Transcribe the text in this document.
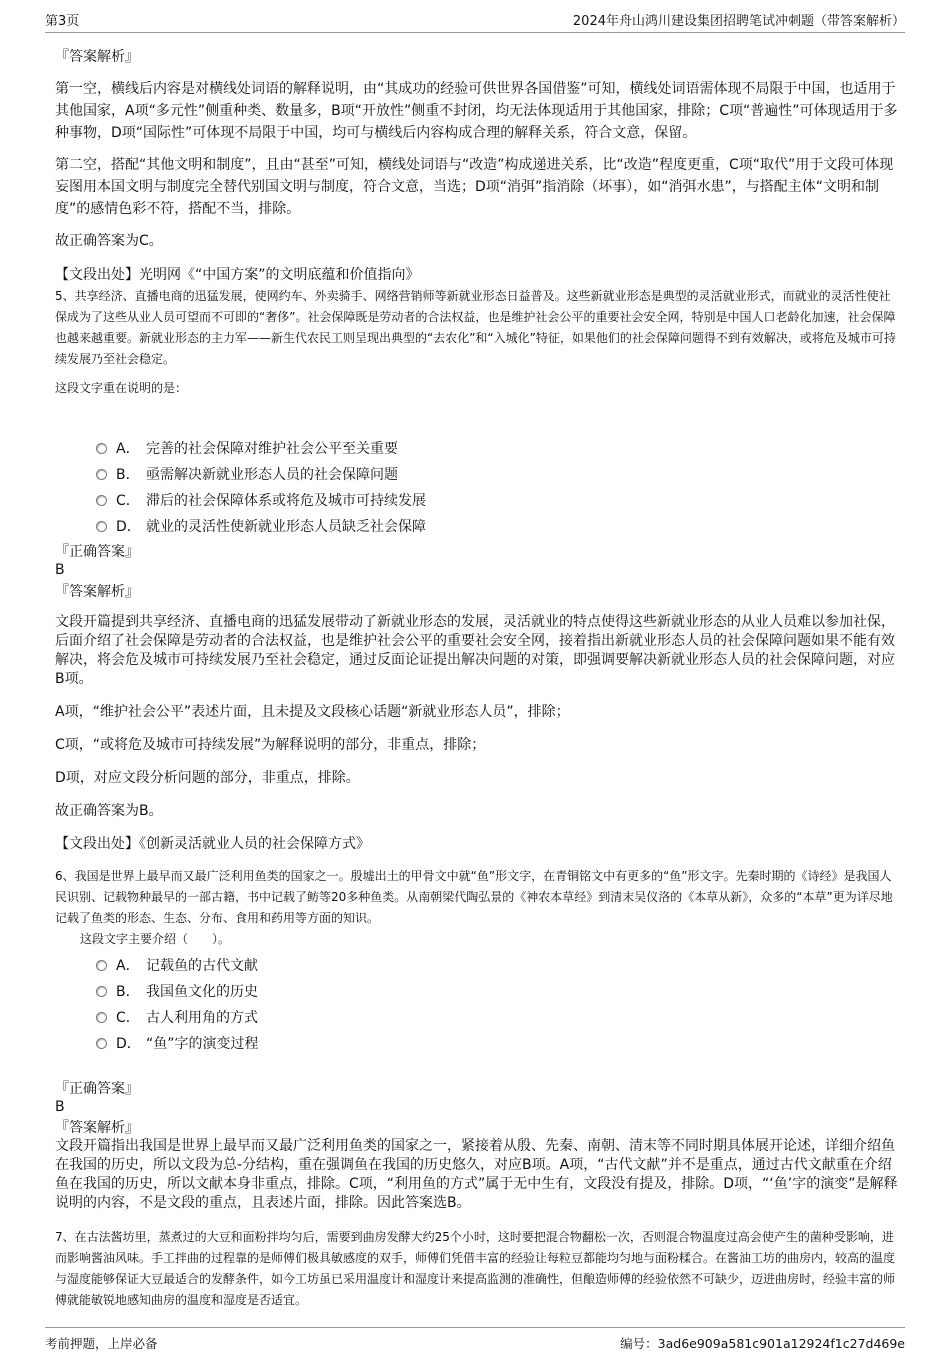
第3页	2024年舟山鸿川建设集团招聘笔试冲刺题（带答案解析）
『答案解析』
第一空，横线后内容是对横线处词语的解释说明，由“其成功的经验可供世界各国借鉴”可知，横线处词语需体现不局限于中国，也适用于其他国家，A项“多元性”侧重种类、数量多，B项“开放性”侧重不封闭，均无法体现适用于其他国家，排除；C项“普遍性”可体现适用于多种事物，D项“国际性”可体现不局限于中国，均可与横线后内容构成合理的解释关系，符合文意，保留。
第二空，搭配“其他文明和制度”，且由“甚至”可知，横线处词语与“改造”构成递进关系，比“改造”程度更重，C项“取代”用于文段可体现妄图用本国文明与制度完全替代别国文明与制度，符合文意，当选；D项“消弭”指消除（坏事），如“消弭水患”，与搭配主体“文明和制度”的感情色彩不符，搭配不当，排除。
故正确答案为C。
【文段出处】光明网《“中国方案”的文明底蕴和价值指向》
5、共享经济、直播电商的迅猛发展，使网约车、外卖骑手、网络营销师等新就业形态日益普及。这些新就业形态是典型的灵活就业形式，而就业的灵活性使社保成为了这些从业人员可望而不可即的“奢侈”。社会保障既是劳动者的合法权益，也是维护社会公平的重要社会安全网，特别是中国人口老龄化加速，社会保障也越来越重要。新就业形态的主力军——新生代农民工则呈现出典型的“去农化”和“入城化”特征，如果他们的社会保障问题得不到有效解决，或将危及城市可持续发展乃至社会稳定。
这段文字重在说明的是：
A． 完善的社会保障对维护社会公平至关重要
B． 亟需解决新就业形态人员的社会保障问题
C． 滞后的社会保障体系或将危及城市可持续发展
D． 就业的灵活性使新就业形态人员缺乏社会保障
『正确答案』
B
『答案解析』
文段开篇提到共享经济、直播电商的迅猛发展带动了新就业形态的发展，灵活就业的特点使得这些新就业形态的从业人员难以参加社保，后面介绍了社会保障是劳动者的合法权益，也是维护社会公平的重要社会安全网，接着指出新就业形态人员的社会保障问题如果不能有效解决，将会危及城市可持续发展乃至社会稳定，通过反面论证提出解决问题的对策，即强调要解决新就业形态人员的社会保障问题，对应B项。
A项，“维护社会公平”表述片面，且未提及文段核心话题“新就业形态人员”，排除；
C项，“或将危及城市可持续发展”为解释说明的部分，非重点，排除；
D项，对应文段分析问题的部分，非重点，排除。
故正确答案为B。
【文段出处】《创新灵活就业人员的社会保障方式》
6、我国是世界上最早而又最广泛利用鱼类的国家之一。殷墟出土的甲骨文中就“鱼”形文字，在青铜铭文中有更多的“鱼”形文字。先秦时期的《诗经》是我国人民识别、记载物种最早的一部古籍，书中记载了鲂等20多种鱼类。从南朝梁代陶弘景的《神农本草经》到清末吴仪洛的《本草从新》，众多的“本草”更为详尽地记载了鱼类的形态、生态、分布、食用和药用等方面的知识。
这段文字主要介绍（　　）。
A． 记载鱼的古代文献
B． 我国鱼文化的历史
C． 古人利用角的方式
D． “鱼”字的演变过程
『正确答案』
B
『答案解析』
文段开篇指出我国是世界上最早而又最广泛利用鱼类的国家之一，紧接着从殷、先秦、南朝、清末等不同时期具体展开论述，详细介绍鱼在我国的历史，所以文段为总-分结构，重在强调鱼在我国的历史悠久，对应B项。A项，“古代文献”并不是重点，通过古代文献重在介绍鱼在我国的历史，所以文献本身非重点，排除。C项，“利用鱼的方式”属于无中生有，文段没有提及，排除。D项，“‘鱼’字的演变”是解释说明的内容，不是文段的重点，且表述片面，排除。因此答案选B。
7、在古法酱坊里，蒸煮过的大豆和面粉拌均匀后，需要到曲房发酵大约25个小时，这时要把混合物翻松一次，否则混合物温度过高会使产生的菌种受影响，进而影响酱油风味。手工拌曲的过程靠的是师傅们极具敏感度的双手，师傅们凭借丰富的经验让每粒豆都能均匀地与面粉糅合。在酱油工坊的曲房内，较高的温度与湿度能够保证大豆最适合的发酵条件，如今工坊虽已采用温度计和湿度计来提高监测的准确性，但酿造师傅的经验依然不可缺少，迈进曲房时，经验丰富的师傅就能敏锐地感知曲房的温度和湿度是否适宜。
考前押题，上岸必备	编号：3ad6e909a581c901a12924f1c27d469e
